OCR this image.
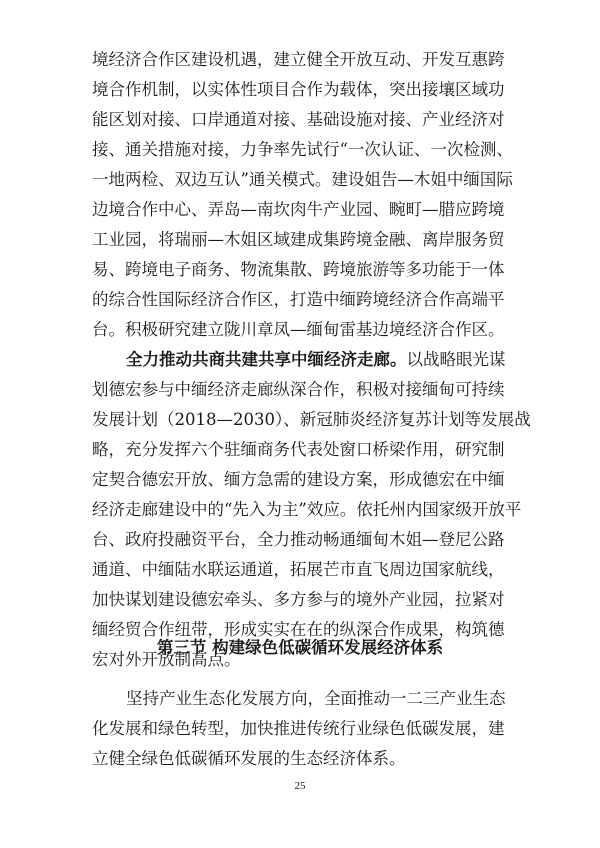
境经济合作区建设机遇，建立健全开放互动、开发互惠跨
境合作机制，以实体性项目合作为载体，突出接壤区域功
能区划对接、口岸通道对接、基础设施对接、产业经济对
接、通关措施对接，力争率先试行“一次认证、一次检测、
一地两检、双边互认”通关模式。建设姐告—木姐中缅国际
边境合作中心、弄岛—南坎肉牛产业园、畹町—腊应跨境
工业园，将瑞丽—木姐区域建成集跨境金融、离岸服务贸
易、跨境电子商务、物流集散、跨境旅游等多功能于一体
的综合性国际经济合作区，打造中缅跨境经济合作高端平
台。积极研究建立陇川章凤—缅甸雷基边境经济合作区。
全力推动共商共建共享中缅经济走廊。以战略眼光谋
划德宏参与中缅经济走廊纵深合作，积极对接缅甸可持续
发展计划（2018—2030）、新冠肺炎经济复苏计划等发展战
略，充分发挥六个驻缅商务代表处窗口桥梁作用，研究制
定契合德宏开放、缅方急需的建设方案，形成德宏在中缅
经济走廊建设中的“先入为主”效应。依托州内国家级开放平
台、政府投融资平台，全力推动畅通缅甸木姐—登尼公路
通道、中缅陆水联运通道，拓展芒市直飞周边国家航线，
加快谋划建设德宏牵头、多方参与的境外产业园，拉紧对
缅经贸合作纽带，形成实实在在的纵深合作成果，构筑德
宏对外开放制高点。
第三节 构建绿色低碳循环发展经济体系
坚持产业生态化发展方向，全面推动一二三产业生态
化发展和绿色转型，加快推进传统行业绿色低碳发展，建
立健全绿色低碳循环发展的生态经济体系。
25
